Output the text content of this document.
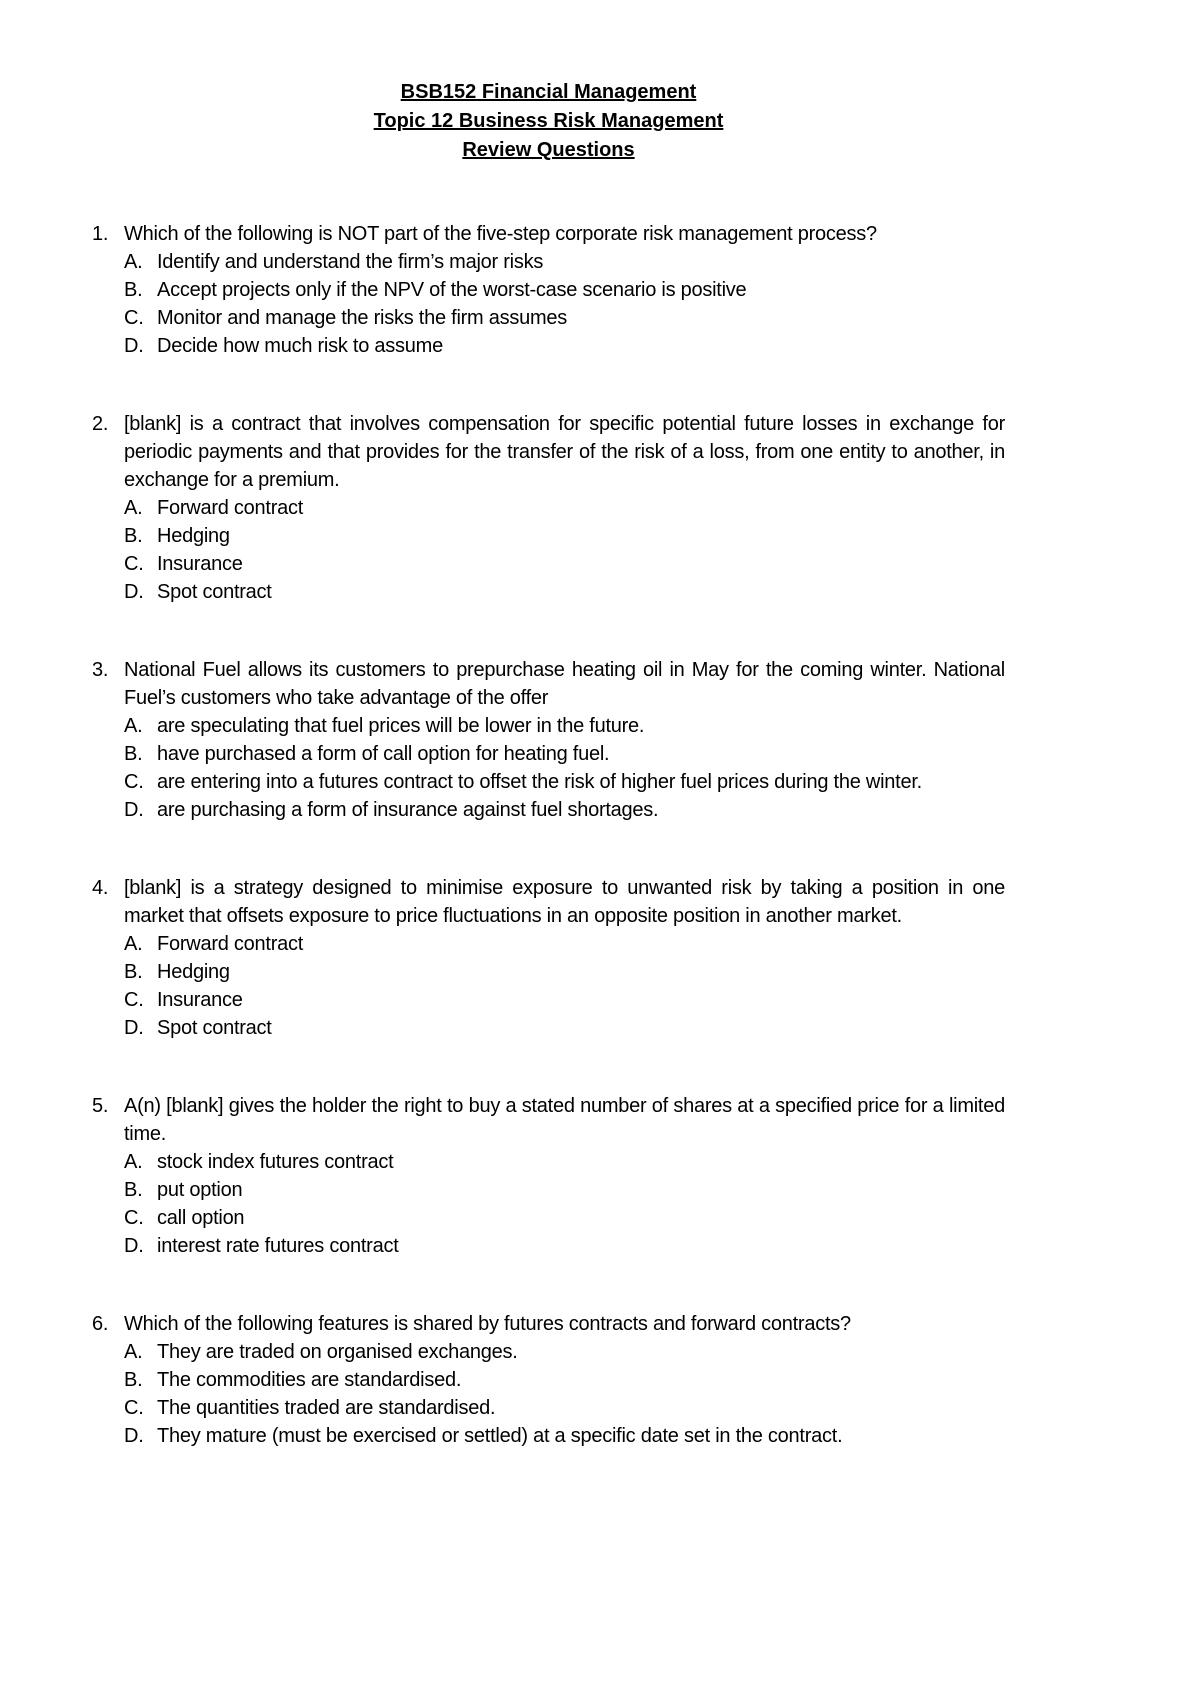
BSB152 Financial Management
Topic 12 Business Risk Management
Review Questions
1. Which of the following is NOT part of the five-step corporate risk management process?
A. Identify and understand the firm’s major risks
B. Accept projects only if the NPV of the worst-case scenario is positive
C. Monitor and manage the risks the firm assumes
D. Decide how much risk to assume
2. [blank] is a contract that involves compensation for specific potential future losses in exchange for periodic payments and that provides for the transfer of the risk of a loss, from one entity to another, in exchange for a premium.
A. Forward contract
B. Hedging
C. Insurance
D. Spot contract
3. National Fuel allows its customers to prepurchase heating oil in May for the coming winter. National Fuel’s customers who take advantage of the offer
A. are speculating that fuel prices will be lower in the future.
B. have purchased a form of call option for heating fuel.
C. are entering into a futures contract to offset the risk of higher fuel prices during the winter.
D. are purchasing a form of insurance against fuel shortages.
4. [blank] is a strategy designed to minimise exposure to unwanted risk by taking a position in one market that offsets exposure to price fluctuations in an opposite position in another market.
A. Forward contract
B. Hedging
C. Insurance
D. Spot contract
5. A(n) [blank] gives the holder the right to buy a stated number of shares at a specified price for a limited time.
A. stock index futures contract
B. put option
C. call option
D. interest rate futures contract
6. Which of the following features is shared by futures contracts and forward contracts?
A. They are traded on organised exchanges.
B. The commodities are standardised.
C. The quantities traded are standardised.
D. They mature (must be exercised or settled) at a specific date set in the contract.
